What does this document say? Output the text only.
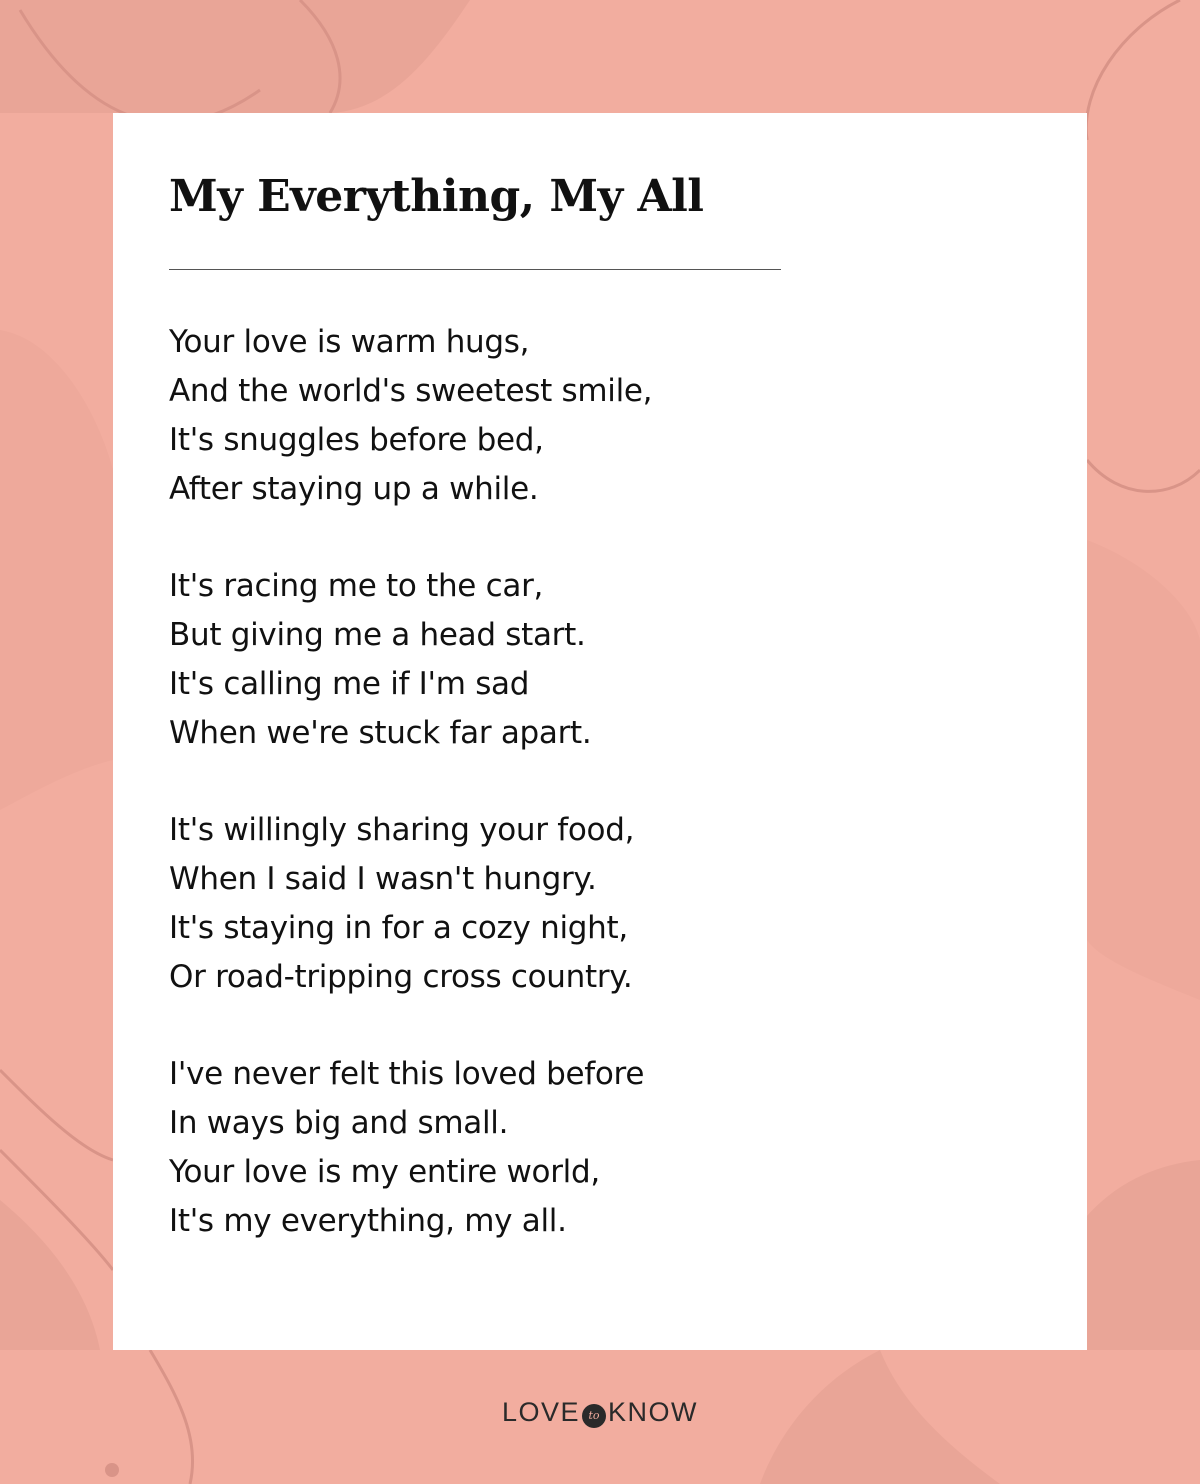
My Everything, My All
Your love is warm hugs,
And the world's sweetest smile,
It's snuggles before bed,
After staying up a while.
It's racing me to the car,
But giving me a head start.
It's calling me if I'm sad
When we're stuck far apart.
It's willingly sharing your food,
When I said I wasn't hungry.
It's staying in for a cozy night,
Or road-tripping cross country.
I've never felt this loved before
In ways big and small.
Your love is my entire world,
It's my everything, my all.
LOVE to KNOW
